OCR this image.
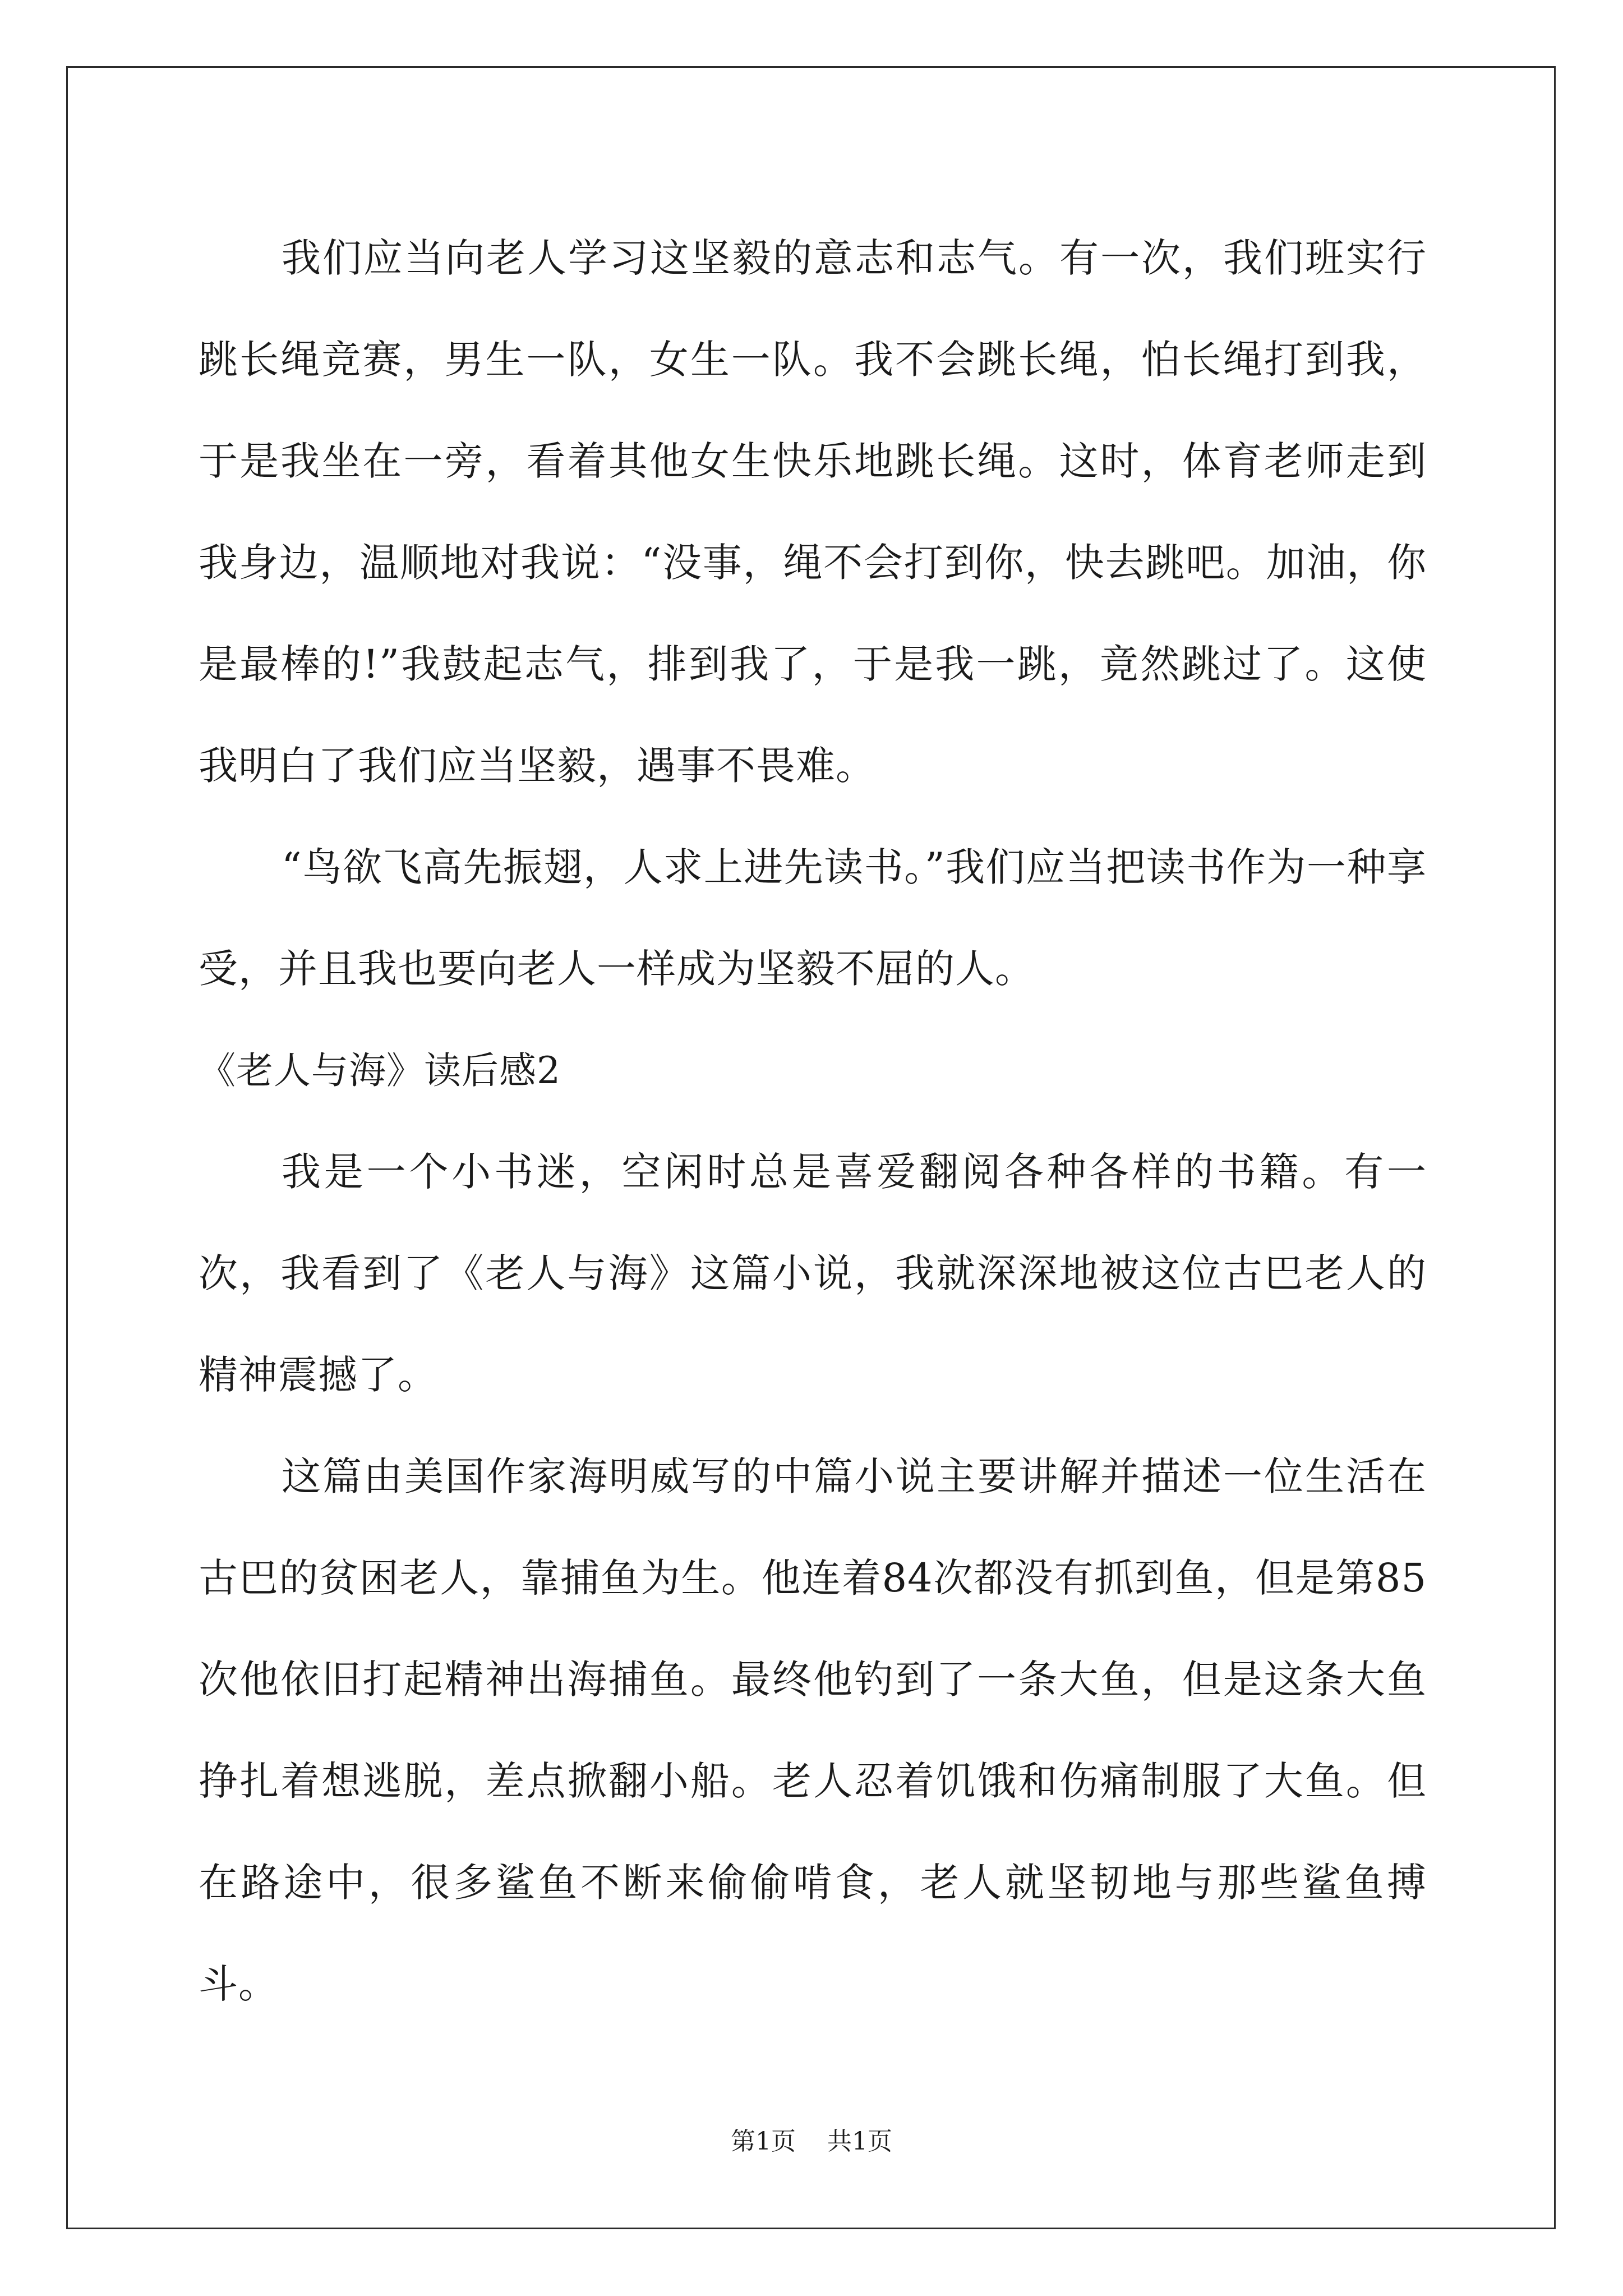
我们应当向老人学习这坚毅的意志和志气。有一次，我们班实行跳长绳竞赛，男生一队，女生一队。我不会跳长绳，怕长绳打到我，于是我坐在一旁，看着其他女生快乐地跳长绳。这时，体育老师走到我身边，温顺地对我说：“没事，绳不会打到你，快去跳吧。加油，你是最棒的!”我鼓起志气，排到我了，于是我一跳，竟然跳过了。这使我明白了我们应当坚毅，遇事不畏难。

“鸟欲飞高先振翅，人求上进先读书。”我们应当把读书作为一种享受，并且我也要向老人一样成为坚毅不屈的人。

《老人与海》读后感2

我是一个小书迷，空闲时总是喜爱翻阅各种各样的书籍。有一次，我看到了《老人与海》这篇小说，我就深深地被这位古巴老人的精神震撼了。

这篇由美国作家海明威写的中篇小说主要讲解并描述一位生活在古巴的贫困老人，靠捕鱼为生。他连着84次都没有抓到鱼，但是第85次他依旧打起精神出海捕鱼。最终他钓到了一条大鱼，但是这条大鱼挣扎着想逃脱，差点掀翻小船。老人忍着饥饿和伤痛制服了大鱼。但在路途中，很多鲨鱼不断来偷偷啃食，老人就坚韧地与那些鲨鱼搏斗。

第1页 共1页
